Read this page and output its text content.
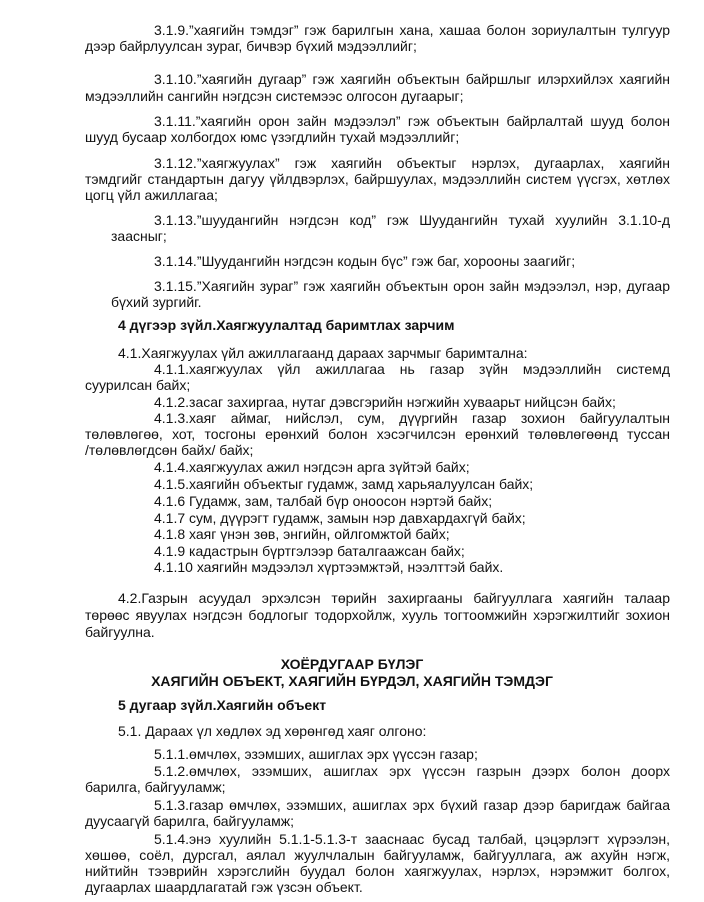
3.1.9.”хаягийн тэмдэг” гэж барилгын хана, хашаа болон зориулалтын тулгуур
дээр байрлуулсан зураг, бичвэр бүхий мэдээллийг;
3.1.10.”хаягийн дугаар” гэж хаягийн объектын байршлыг илэрхийлэх хаягийн
мэдээллийн сангийн нэгдсэн системээс олгосон дугаарыг;
3.1.11.”хаягийн орон зайн мэдээлэл” гэж объектын байрлалтай шууд болон
шууд бусаар холбогдох юмс үзэгдлийн тухай мэдээллийг;
3.1.12.”хаягжуулах” гэж хаягийн объектыг нэрлэх, дугаарлах, хаягийн
тэмдгийг стандартын дагуу үйлдвэрлэх, байршуулах, мэдээллийн систем үүсгэх, хөтлөх
цогц үйл ажиллагаа;
3.1.13.”шуудангийн нэгдсэн код” гэж Шуудангийн тухай хуулийн 3.1.10-д
заасныг;
3.1.14.”Шуудангийн нэгдсэн кодын бүс” гэж баг, хорооны заагийг;
3.1.15.”Хаягийн зураг” гэж хаягийн объектын орон зайн мэдээлэл, нэр, дугаар
бүхий зургийг.
4 дүгээр зүйл.Хаягжуулалтад баримтлах зарчим
4.1.Хаягжуулах үйл ажиллагаанд дараах зарчмыг баримтална:
4.1.1.хаягжуулах үйл ажиллагаа нь газар зүйн мэдээллийн системд
суурилсан байх;
4.1.2.засаг захиргаа, нутаг дэвсгэрийн нэгжийн хуваарьт нийцсэн байх;
4.1.3.хаяг аймаг, нийслэл, сум, дүүргийн газар зохион байгуулалтын
төлөвлөгөө, хот, тосгоны ерөнхий болон хэсэгчилсэн ерөнхий төлөвлөгөөнд туссан
/төлөвлөгдсөн байх/ байх;
4.1.4.хаягжуулах ажил нэгдсэн арга зүйтэй байх;
4.1.5.хаягийн объектыг гудамж, замд харьяалуулсан байх;
4.1.6 Гудамж, зам, талбай бүр оноосон нэртэй байх;
4.1.7 сум, дүүрэгт гудамж, замын нэр давхардахгүй байх;
4.1.8 хаяг үнэн зөв, энгийн, ойлгомжтой байх;
4.1.9 кадастрын бүртгэлээр баталгаажсан байх;
4.1.10 хаягийн мэдээлэл хүртээмжтэй, нээлттэй байх.
4.2.Газрын асуудал эрхэлсэн төрийн захиргааны байгууллага хаягийн талаар
төрөөс явуулах нэгдсэн бодлогыг тодорхойлж, хууль тогтоомжийн хэрэгжилтийг зохион
байгуулна.
ХОЁРДУГААР БҮЛЭГ
ХАЯГИЙН ОБЪЕКТ, ХАЯГИЙН БҮРДЭЛ, ХАЯГИЙН ТЭМДЭГ
5 дугаар зүйл.Хаягийн объект
5.1. Дараах үл хөдлөх эд хөрөнгөд хаяг олгоно:
5.1.1.өмчлөх, эзэмших, ашиглах эрх үүссэн газар;
5.1.2.өмчлөх, эзэмших, ашиглах эрх үүссэн газрын дээрх болон доорх
барилга, байгууламж;
5.1.3.газар өмчлөх, эзэмших, ашиглах эрх бүхий газар дээр баригдаж байгаа
дуусаагүй барилга, байгууламж;
5.1.4.энэ хуулийн 5.1.1-5.1.3-т зааснаас бусад талбай, цэцэрлэгт хүрээлэн,
хөшөө, соёл, дурсгал, аялал жуулчлалын байгууламж, байгууллага, аж ахуйн нэгж,
нийтийн тээврийн хэрэгслийн буудал болон хаягжуулах, нэрлэх, нэрэмжит болгох,
дугаарлах шаардлагатай гэж үзсэн объект.
